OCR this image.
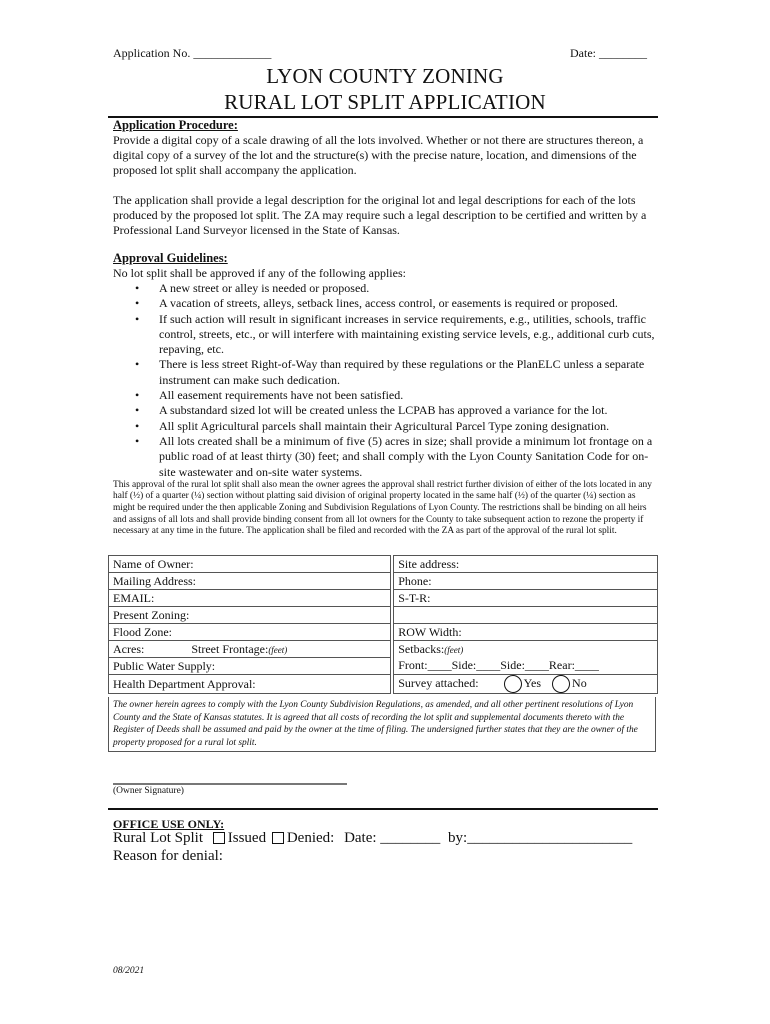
Application No. _____________	Date: ________
LYON COUNTY ZONING
RURAL LOT SPLIT APPLICATION
Application Procedure:
Provide a digital copy of a scale drawing of all the lots involved. Whether or not there are structures thereon, a digital copy of a survey of the lot and the structure(s) with the precise nature, location, and dimensions of the proposed lot split shall accompany the application.
The application shall provide a legal description for the original lot and legal descriptions for each of the lots produced by the proposed lot split. The ZA may require such a legal description to be certified and written by a Professional Land Surveyor licensed in the State of Kansas.
Approval Guidelines:
No lot split shall be approved if any of the following applies:
• A new street or alley is needed or proposed.
• A vacation of streets, alleys, setback lines, access control, or easements is required or proposed.
• If such action will result in significant increases in service requirements, e.g., utilities, schools, traffic control, streets, etc., or will interfere with maintaining existing service levels, e.g., additional curb cuts, repaving, etc.
• There is less street Right-of-Way than required by these regulations or the PlanELC unless a separate instrument can make such dedication.
• All easement requirements have not been satisfied.
• A substandard sized lot will be created unless the LCPAB has approved a variance for the lot.
• All split Agricultural parcels shall maintain their Agricultural Parcel Type zoning designation.
• All lots created shall be a minimum of five (5) acres in size; shall provide a minimum lot frontage on a public road of at least thirty (30) feet; and shall comply with the Lyon County Sanitation Code for on-site wastewater and on-site water systems.
This approval of the rural lot split shall also mean the owner agrees the approval shall restrict further division of either of the lots located in any half (½) of a quarter (¼) section without platting said division of original property located in the same half (½) of the quarter (¼) section as might be required under the then applicable Zoning and Subdivision Regulations of Lyon County. The restrictions shall be binding on all heirs and assigns of all lots and shall provide binding consent from all lot owners for the County to take subsequent action to rezone the property if necessary at any time in the future. The application shall be filed and recorded with the ZA as part of the approval of the rural lot split.
Name of Owner:		Site address:
Mailing Address:		Phone:
EMAIL:		S-T-R:
Present Zoning:		
Flood Zone:		ROW Width:
Acres: Street Frontage:(feet)		Setbacks:(feet)
Front:____Side:____Side:____Rear:____

Public Water Supply:		
Health Department Approval:		Survey attached: Yes No
The owner herein agrees to comply with the Lyon County Subdivision Regulations, as amended, and all other pertinent resolutions of Lyon County and the State of Kansas statutes. It is agreed that all costs of recording the lot split and supplemental documents thereto with the Register of Deeds shall be assumed and paid by the owner at the time of filing. The undersigned further states that they are the owner of the property proposed for a rural lot split.
(Owner Signature)
OFFICE USE ONLY:
Rural Lot Split Issued Denied: Date: ________ by:______________________
Reason for denial:
08/2021
